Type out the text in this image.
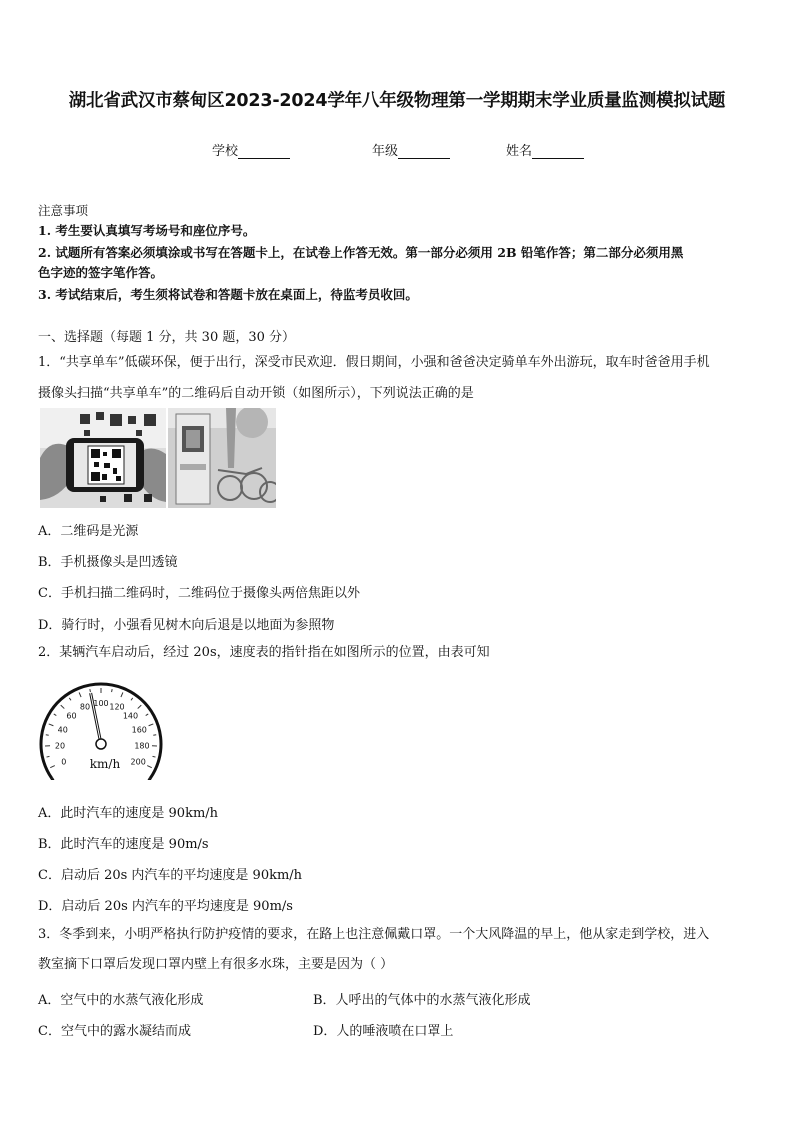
湖北省武汉市蔡甸区2023-2024学年八年级物理第一学期期末学业质量监测模拟试题
学校	年级	姓名
注意事项
1. 考生要认真填写考场号和座位序号。
2. 试题所有答案必须填涂或书写在答题卡上，在试卷上作答无效。第一部分必须用 2B 铅笔作答；第二部分必须用黑
色字迹的签字笔作答。
3. 考试结束后，考生须将试卷和答题卡放在桌面上，待监考员收回。
一、选择题（每题 1 分，共 30 题，30 分）
1．“共享单车”低碳环保，便于出行，深受市民欢迎．假日期间，小强和爸爸决定骑单车外出游玩，取车时爸爸用手机
摄像头扫描“共享单车”的二维码后自动开锁（如图所示），下列说法正确的是
A．二维码是光源
B．手机摄像头是凹透镜
C．手机扫描二维码时，二维码位于摄像头两倍焦距以外
D．骑行时，小强看见树木向后退是以地面为参照物
2．某辆汽车启动后，经过 20s，速度表的指针指在如图所示的位置，由表可知
0
20
40
60
80 100 120
140
160
180
200
km/h
A．此时汽车的速度是 90km/h
B．此时汽车的速度是 90m/s
C．启动后 20s 内汽车的平均速度是 90km/h
D．启动后 20s 内汽车的平均速度是 90m/s
3．冬季到来，小明严格执行防护疫情的要求，在路上也注意佩戴口罩。一个大风降温的早上，他从家走到学校，进入
教室摘下口罩后发现口罩内壁上有很多水珠，主要是因为（ ）
A．空气中的水蒸气液化形成	B．人呼出的气体中的水蒸气液化形成
C．空气中的露水凝结而成	D．人的唾液喷在口罩上
